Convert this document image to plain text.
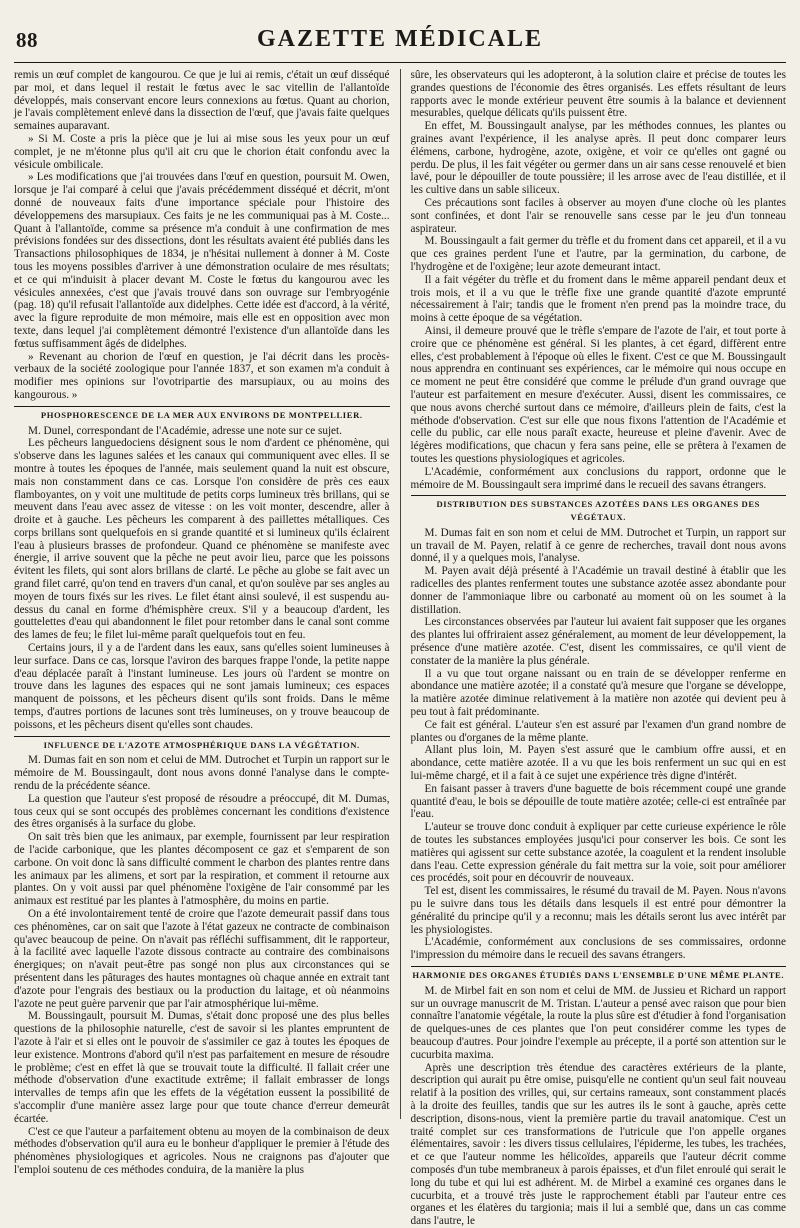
88	GAZETTE MÉDICALE

remis un œuf complet de kangourou. Ce que je lui ai remis, c'était un œuf disséqué par moi, et dans lequel il restait le fœtus avec le sac vitellin de l'allantoïde développés, mais conservant encore leurs connexions au fœtus. Quant au chorion, je l'avais complètement enlevé dans la dissection de l'œuf, que j'avais faite quelques semaines auparavant.

» Si M. Coste a pris la pièce que je lui ai mise sous les yeux pour un œuf complet, je ne m'étonne plus qu'il ait cru que le chorion était confondu avec la vésicule ombilicale.

» Les modifications que j'ai trouvées dans l'œuf en question, poursuit M. Owen, lorsque je l'ai comparé à celui que j'avais précédemment disséqué et décrit, m'ont donné de nouveaux faits d'une importance spéciale pour l'histoire des développemens des marsupiaux. Ces faits je ne les communiquai pas à M. Coste... Quant à l'allantoïde, comme sa présence m'a conduit à une confirmation de mes prévisions fondées sur des dissections, dont les résultats avaient été publiés dans les Transactions philosophiques de 1834, je n'hésitai nullement à donner à M. Coste tous les moyens possibles d'arriver à une démonstration oculaire de mes résultats; et ce qui m'induisit à placer devant M. Coste le fœtus du kangourou avec les vésicules annexées, c'est que j'avais trouvé dans son ouvrage sur l'embryogénie (pag. 18) qu'il refusait l'allantoïde aux didelphes. Cette idée est d'accord, à la vérité, avec la figure reproduite de mon mémoire, mais elle est en opposition avec mon texte, dans lequel j'ai complètement démontré l'existence d'un allantoïde dans les fœtus suffisamment âgés de didelphes.

» Revenant au chorion de l'œuf en question, je l'ai décrit dans les procès-verbaux de la société zoologique pour l'année 1837, et son examen m'a conduit à modifier mes opinions sur l'ovotripartie des marsupiaux, ou au moins des kangourous. »

PHOSPHORESCENCE DE LA MER AUX ENVIRONS DE MONTPELLIER.

M. Dunel, correspondant de l'Académie, adresse une note sur ce sujet.

Les pêcheurs languedociens désignent sous le nom d'ardent ce phénomène, qui s'observe dans les lagunes salées et les canaux qui communiquent avec elles. Il se montre à toutes les époques de l'année, mais seulement quand la nuit est obscure, mais non constamment dans ce cas. Lorsque l'on considère de près ces eaux flamboyantes, on y voit une multitude de petits corps lumineux très brillans, qui se meuvent dans l'eau avec assez de vitesse : on les voit monter, descendre, aller à droite et à gauche. Les pêcheurs les comparent à des paillettes métalliques. Ces corps brillans sont quelquefois en si grande quantité et si lumineux qu'ils éclairent l'eau à plusieurs brasses de profondeur. Quand ce phénomène se manifeste avec énergie, il arrive souvent que la pêche ne peut avoir lieu, parce que les poissons évitent les filets, qui sont alors brillans de clarté. Le pêche au globe se fait avec un grand filet carré, qu'on tend en travers d'un canal, et qu'on soulève par ses angles au moyen de tours fixés sur les rives. Le filet étant ainsi soulevé, il est suspendu au-dessus du canal en forme d'hémisphère creux. S'il y a beaucoup d'ardent, les gouttelettes d'eau qui abandonnent le filet pour retomber dans le canal sont comme des lames de feu; le filet lui-même paraît quelquefois tout en feu.

Certains jours, il y a de l'ardent dans les eaux, sans qu'elles soient lumineuses à leur surface. Dans ce cas, lorsque l'aviron des barques frappe l'onde, la petite nappe d'eau déplacée paraît à l'instant lumineuse. Les jours où l'ardent se montre on trouve dans les lagunes des espaces qui ne sont jamais lumineux; ces espaces manquent de poissons, et les pêcheurs disent qu'ils sont froids. Dans le même temps, d'autres portions de lacunes sont très lumineuses, on y trouve beaucoup de poissons, et les pêcheurs disent qu'elles sont chaudes.

INFLUENCE DE L'AZOTE ATMOSPHÉRIQUE DANS LA VÉGÉTATION.

M. Dumas fait en son nom et celui de MM. Dutrochet et Turpin un rapport sur le mémoire de M. Boussingault, dont nous avons donné l'analyse dans le compte-rendu de la précédente séance.

La question que l'auteur s'est proposé de résoudre a préoccupé, dit M. Dumas, tous ceux qui se sont occupés des problèmes concernant les conditions d'existence des êtres organisés à la surface du globe.

On sait très bien que les animaux, par exemple, fournissent par leur respiration de l'acide carbonique, que les plantes décomposent ce gaz et s'emparent de son carbone. On voit donc là sans difficulté comment le charbon des plantes rentre dans les animaux par les alimens, et sort par la respiration, et comment il retourne aux plantes. On y voit aussi par quel phénomène l'oxigène de l'air consommé par les animaux est restitué par les plantes à l'atmosphère, du moins en partie.

On a été involontairement tenté de croire que l'azote demeurait passif dans tous ces phénomènes, car on sait que l'azote à l'état gazeux ne contracte de combinaison qu'avec beaucoup de peine. On n'avait pas réfléchi suffisamment, dit le rapporteur, à la facilité avec laquelle l'azote dissous contracte au contraire des combinaisons énergiques; on n'avait peut-être pas songé non plus aux circonstances qui se présentent dans les pâturages des hautes montagnes où chaque année en extrait tant d'azote pour l'engrais des bestiaux ou la production du laitage, et où néanmoins l'azote ne peut guère parvenir que par l'air atmosphérique lui-même.

M. Boussingault, poursuit M. Dumas, s'était donc proposé une des plus belles questions de la philosophie naturelle, c'est de savoir si les plantes empruntent de l'azote à l'air et si elles ont le pouvoir de s'assimiler ce gaz à toutes les époques de leur existence. Montrons d'abord qu'il n'est pas parfaitement en mesure de résoudre le problème; c'est en effet là que se trouvait toute la difficulté. Il fallait créer une méthode d'observation d'une exactitude extrême; il fallait embrasser de longs intervalles de temps afin que les effets de la végétation eussent la possibilité de s'accomplir d'une manière assez large pour que toute chance d'erreur demeurât écartée.

C'est ce que l'auteur a parfaitement obtenu au moyen de la combinaison de deux méthodes d'observation qu'il aura eu le bonheur d'appliquer le premier à l'étude des phénomènes physiologiques et agricoles. Nous ne craignons pas d'ajouter que l'emploi soutenu de ces méthodes conduira, de la manière la plus

sûre, les observateurs qui les adopteront, à la solution claire et précise de toutes les grandes questions de l'économie des êtres organisés. Les effets résultant de leurs rapports avec le monde extérieur peuvent être soumis à la balance et deviennent mesurables, quelque délicats qu'ils puissent être.

En effet, M. Boussingault analyse, par les méthodes connues, les plantes ou graines avant l'expérience, il les analyse après. Il peut donc comparer leurs élémens, carbone, hydrogène, azote, oxigène, et voir ce qu'elles ont gagné ou perdu. De plus, il les fait végéter ou germer dans un air sans cesse renouvelé et bien lavé, pour le dépouiller de toute poussière; il les arrose avec de l'eau distillée, et il les cultive dans un sable siliceux.

Ces précautions sont faciles à observer au moyen d'une cloche où les plantes sont confinées, et dont l'air se renouvelle sans cesse par le jeu d'un tonneau aspirateur.

M. Boussingault a fait germer du trèfle et du froment dans cet appareil, et il a vu que ces graines perdent l'une et l'autre, par la germination, du carbone, de l'hydrogène et de l'oxigène; leur azote demeurant intact.

Il a fait végéter du trèfle et du froment dans le même appareil pendant deux et trois mois, et il a vu que le trèfle fixe une grande quantité d'azote emprunté nécessairement à l'air; tandis que le froment n'en prend pas la moindre trace, du moins à cette époque de sa végétation.

Ainsi, il demeure prouvé que le trèfle s'empare de l'azote de l'air, et tout porte à croire que ce phénomène est général. Si les plantes, à cet égard, diffèrent entre elles, c'est probablement à l'époque où elles le fixent. C'est ce que M. Boussingault nous apprendra en continuant ses expériences, car le mémoire qui nous occupe en ce moment ne peut être considéré que comme le prélude d'un grand ouvrage que l'auteur est parfaitement en mesure d'exécuter. Aussi, disent les commissaires, ce que nous avons cherché surtout dans ce mémoire, d'ailleurs plein de faits, c'est la méthode d'observation. C'est sur elle que nous fixons l'attention de l'Académie et celle du public, car elle nous paraît exacte, heureuse et pleine d'avenir. Avec de légères modifications, que chacun y fera sans peine, elle se prêtera à l'examen de toutes les questions physiologiques et agricoles.

L'Académie, conformément aux conclusions du rapport, ordonne que le mémoire de M. Boussingault sera imprimé dans le recueil des savans étrangers.

DISTRIBUTION DES SUBSTANCES AZOTÉES DANS LES ORGANES DES VÉGÉTAUX.

M. Dumas fait en son nom et celui de MM. Dutrochet et Turpin, un rapport sur un travail de M. Payen, relatif à ce genre de recherches, travail dont nous avons donné, il y a quelques mois, l'analyse.

M. Payen avait déjà présenté à l'Académie un travail destiné à établir que les radicelles des plantes renferment toutes une substance azotée assez abondante pour donner de l'ammoniaque libre ou carbonaté au moment où on les soumet à la distillation.

Les circonstances observées par l'auteur lui avaient fait supposer que les organes des plantes lui offriraient assez généralement, au moment de leur développement, la présence d'une matière azotée. C'est, disent les commissaires, ce qu'il vient de constater de la manière la plus générale.

Il a vu que tout organe naissant ou en train de se développer renferme en abondance une matière azotée; il a constaté qu'à mesure que l'organe se développe, la matière azotée diminue relativement à la matière non azotée qui devient peu à peu tout à fait prédominante.

Ce fait est général. L'auteur s'en est assuré par l'examen d'un grand nombre de plantes ou d'organes de la même plante.

Allant plus loin, M. Payen s'est assuré que le cambium offre aussi, et en abondance, cette matière azotée. Il a vu que les bois renferment un suc qui en est lui-même chargé, et il a fait à ce sujet une expérience très digne d'intérêt.

En faisant passer à travers d'une baguette de bois récemment coupé une grande quantité d'eau, le bois se dépouille de toute matière azotée; celle-ci est entraînée par l'eau.

L'auteur se trouve donc conduit à expliquer par cette curieuse expérience le rôle de toutes les substances employées jusqu'ici pour conserver les bois. Ce sont les matières qui agissent sur cette substance azotée, la coagulent et la rendent insoluble dans l'eau. Cette expression générale du fait mettra sur la voie, soit pour améliorer ces procédés, soit pour en découvrir de nouveaux.

Tel est, disent les commissaires, le résumé du travail de M. Payen. Nous n'avons pu le suivre dans tous les détails dans lesquels il est entré pour démontrer la généralité du principe qu'il y a reconnu; mais les détails seront lus avec intérêt par les physiologistes.

L'Académie, conformément aux conclusions de ses commissaires, ordonne l'impression du mémoire dans le recueil des savans étrangers.

HARMONIE DES ORGANES ÉTUDIÉS DANS L'ENSEMBLE D'UNE MÊME PLANTE.

M. de Mirbel fait en son nom et celui de MM. de Jussieu et Richard un rapport sur un ouvrage manuscrit de M. Tristan. L'auteur a pensé avec raison que pour bien connaître l'anatomie végétale, la route la plus sûre est d'étudier à fond l'organisation de quelques-unes de ces plantes que l'on peut considérer comme les types de beaucoup d'autres. Pour joindre l'exemple au précepte, il a porté son attention sur le cucurbita maxima.

Après une description très étendue des caractères extérieurs de la plante, description qui aurait pu être omise, puisqu'elle ne contient qu'un seul fait nouveau relatif à la position des vrilles, qui, sur certains rameaux, sont constamment placés à la droite des feuilles, tandis que sur les autres ils le sont à gauche, après cette description, disons-nous, vient la première partie du travail anatomique. C'est un traité complet sur ces transformations de l'utricule que l'on appelle organes élémentaires, savoir : les divers tissus cellulaires, l'épiderme, les tubes, les trachées, et ce que l'auteur nomme les hélicoïdes, appareils que l'auteur décrit comme composés d'un tube membraneux à parois épaisses, et d'un filet enroulé qui serait le long du tube et qui lui est adhérent. M. de Mirbel a examiné ces organes dans le cucurbita, et a trouvé très juste le rapprochement établi par l'auteur entre ces organes et les élatères du targionia; mais il lui a semblé que, dans un cas comme dans l'autre, le
